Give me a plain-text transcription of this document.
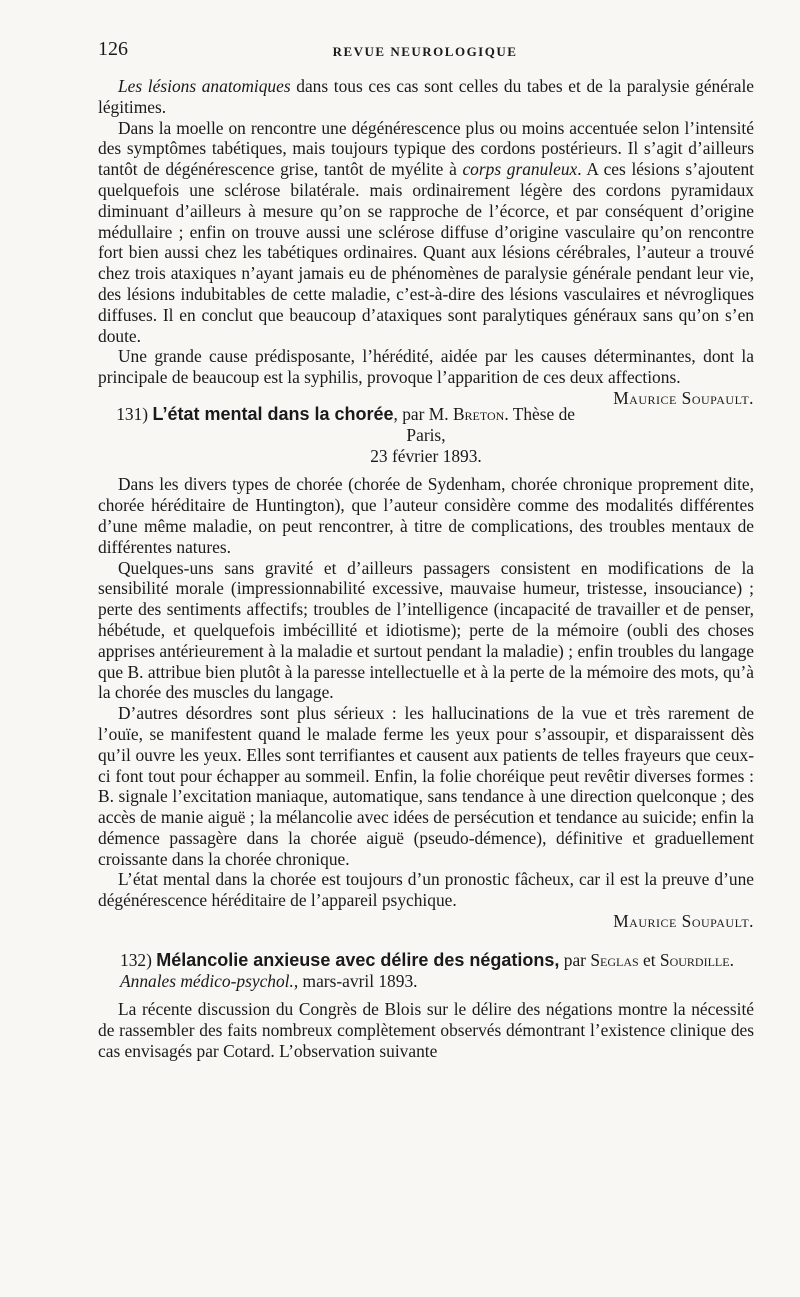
126	REVUE NEUROLOGIQUE

Les lésions anatomiques dans tous ces cas sont celles du tabes et de la paralysie générale légitimes.

Dans la moelle on rencontre une dégénérescence plus ou moins accentuée selon l’intensité des symptômes tabétiques, mais toujours typique des cordons postérieurs. Il s’agit d’ailleurs tantôt de dégénérescence grise, tantôt de myélite à corps granuleux. A ces lésions s’ajoutent quelquefois une sclérose bilatérale. mais ordinairement légère des cordons pyramidaux diminuant d’ailleurs à mesure qu’on se rapproche de l’écorce, et par conséquent d’origine médullaire ; enfin on trouve aussi une sclérose diffuse d’origine vasculaire qu’on rencontre fort bien aussi chez les tabétiques ordinaires. Quant aux lésions cérébrales, l’auteur a trouvé chez trois ataxiques n’ayant jamais eu de phénomènes de paralysie générale pendant leur vie, des lésions indubitables de cette maladie, c’est-à-dire des lésions vasculaires et névrogliques diffuses. Il en conclut que beaucoup d’ataxiques sont paralytiques généraux sans qu’on s’en doute.

Une grande cause prédisposante, l’hérédité, aidée par les causes déterminantes, dont la principale de beaucoup est la syphilis, provoque l’apparition de ces deux affections.
Maurice Soupault.

131) L’état mental dans la chorée, par M. Breton. Thèse de Paris,
23 février 1893.

Dans les divers types de chorée (chorée de Sydenham, chorée chronique proprement dite, chorée héréditaire de Huntington), que l’auteur considère comme des modalités différentes d’une même maladie, on peut rencontrer, à titre de complications, des troubles mentaux de différentes natures.

Quelques-uns sans gravité et d’ailleurs passagers consistent en modifications de la sensibilité morale (impressionnabilité excessive, mauvaise humeur, tristesse, insouciance) ; perte des sentiments affectifs; troubles de l’intelligence (incapacité de travailler et de penser, hébétude, et quelquefois imbécillité et idiotisme); perte de la mémoire (oubli des choses apprises antérieurement à la maladie et surtout pendant la maladie) ; enfin troubles du langage que B. attribue bien plutôt à la paresse intellectuelle et à la perte de la mémoire des mots, qu’à la chorée des muscles du langage.

D’autres désordres sont plus sérieux : les hallucinations de la vue et très rarement de l’ouïe, se manifestent quand le malade ferme les yeux pour s’assoupir, et disparaissent dès qu’il ouvre les yeux. Elles sont terrifiantes et causent aux patients de telles frayeurs que ceux-ci font tout pour échapper au sommeil. Enfin, la folie choréique peut revêtir diverses formes : B. signale l’excitation maniaque, automatique, sans tendance à une direction quelconque ; des accès de manie aiguë ; la mélancolie avec idées de persécution et tendance au suicide; enfin la démence passagère dans la chorée aiguë (pseudo-démence), définitive et graduellement croissante dans la chorée chronique.

L’état mental dans la chorée est toujours d’un pronostic fâcheux, car il est la preuve d’une dégénérescence héréditaire de l’appareil psychique.

Maurice Soupault.

132) Mélancolie anxieuse avec délire des négations, par Seglas et Sourdille. Annales médico-psychol., mars-avril 1893.

La récente discussion du Congrès de Blois sur le délire des négations montre la nécessité de rassembler des faits nombreux complètement observés démontrant l’existence clinique des cas envisagés par Cotard. L’observation suivante
